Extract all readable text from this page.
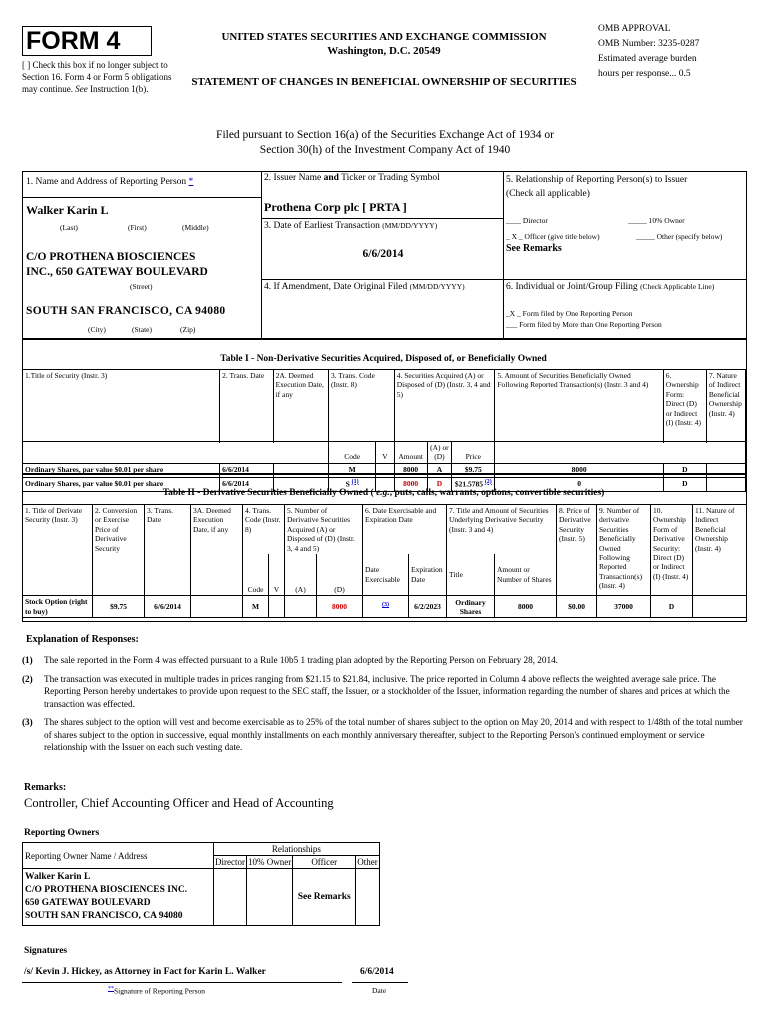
FORM 4
[ ] Check this box if no longer subject to Section 16. Form 4 or Form 5 obligations may continue. See Instruction 1(b).
UNITED STATES SECURITIES AND EXCHANGE COMMISSION
Washington, D.C. 20549
STATEMENT OF CHANGES IN BENEFICIAL OWNERSHIP OF SECURITIES
OMB APPROVAL
OMB Number: 3235-0287
Estimated average burden
hours per response... 0.5
Filed pursuant to Section 16(a) of the Securities Exchange Act of 1934 or
Section 30(h) of the Investment Company Act of 1940
1. Name and Address of Reporting Person *
Walker Karin L
(Last)	(First)	(Middle)
C/O PROTHENA BIOSCIENCES
INC., 650 GATEWAY BOULEVARD
(Street)
SOUTH SAN FRANCISCO, CA 94080
(City)	(State)	(Zip)
2. Issuer Name and Ticker or Trading Symbol
Prothena Corp plc [ PRTA ]
3. Date of Earliest Transaction (MM/DD/YYYY)
6/6/2014
4. If Amendment, Date Original Filed (MM/DD/YYYY)
5. Relationship of Reporting Person(s) to Issuer
(Check all applicable)
____ Director	_____ 10% Owner
_ X _ Officer (give title below)	_____ Other (specify below)
See Remarks
6. Individual or Joint/Group Filing (Check Applicable Line)
_X _ Form filed by One Reporting Person
___ Form filed by More than One Reporting Person
Table I - Non-Derivative Securities Acquired, Disposed of, or Beneficially Owned
1.Title of Security (Instr. 3)	2. Trans. Date	2A. Deemed Execution Date, if any	3. Trans. Code (Instr. 8)		4. Securities Acquired (A) or Disposed of (D) (Instr. 3, 4 and 5)			5. Amount of Securities Beneficially Owned Following Reported Transaction(s) (Instr. 3 and 4)	6. Ownership Form: Direct (D) or Indirect (I) (Instr. 4)	7. Nature of Indirect Beneficial Ownership (Instr. 4)

			Code	V	Amount	(A) or (D)	Price			
Ordinary Shares, par value $0.01 per share	6/6/2014		M		8000	A	$9.75	8000	D	
Ordinary Shares, par value $0.01 per share	6/6/2014		S $^{(1)}$		8000	D	$21.5785 $^{(2)}$	0	D	
Table II - Derivative Securities Beneficially Owned ( e.g., puts, calls, warrants, options, convertible securities)
1. Title of Derivate Security (Instr. 3)	2. Conversion or Exercise Price of Derivative Security	3. Trans. Date	3A. Deemed Execution Date, if any	4. Trans. Code (Instr. 8)		5. Number of Derivative Securities Acquired (A) or Disposed of (D) (Instr. 3, 4 and 5)		6. Date Exercisable and Expiration Date		7. Title and Amount of Securities Underlying Derivative Security (Instr. 3 and 4)		8. Price of Derivative Security (Instr. 5)	9. Number of derivative Securities Beneficially Owned Following Reported Transaction(s) (Instr. 4)	10. Ownership Form of Derivative Security: Direct (D) or Indirect (I) (Instr. 4)	11. Nature of Indirect Beneficial Ownership (Instr. 4)
				Code	V	(A)	(D)	Date Exercisable	Expiration Date	Title	Amount or Number of Shares				
Stock Option (right to buy)	$9.75	6/6/2014		M			8000	$^{(3)}$	6/2/2023	Ordinary Shares	8000	$0.00	37000	D	
Explanation of Responses:
(1)	The sale reported in the Form 4 was effected pursuant to a Rule 10b5 1 trading plan adopted by the Reporting Person on February 28, 2014.
(2)	The transaction was executed in multiple trades in prices ranging from $21.15 to $21.84, inclusive. The price reported in Column 4 above reflects the weighted average sale price. The Reporting Person hereby undertakes to provide upon request to the SEC staff, the Issuer, or a stockholder of the Issuer, information regarding the number of shares and prices at which the transaction was effected.
(3)	The shares subject to the option will vest and become exercisable as to 25% of the total number of shares subject to the option on May 20, 2014 and with respect to 1/48th of the total number of shares subject to the option in successive, equal monthly installments on each monthly anniversary thereafter, subject to the Reporting Person's continued employment or service relationship with the Issuer on each such vesting date.
Remarks:
Controller, Chief Accounting Officer and Head of Accounting
Reporting Owners
Reporting Owner Name / Address	Relationships			
	Director	10% Owner	Officer	Other

Walker Karin L
C/O PROTHENA BIOSCIENCES INC.
650 GATEWAY BOULEVARD
SOUTH SAN FRANCISCO, CA 94080			See Remarks	
Signatures
/s/ Kevin J. Hickey, as Attorney in Fact for Karin L. Walker	6/6/2014
**Signature of Reporting Person	Date
